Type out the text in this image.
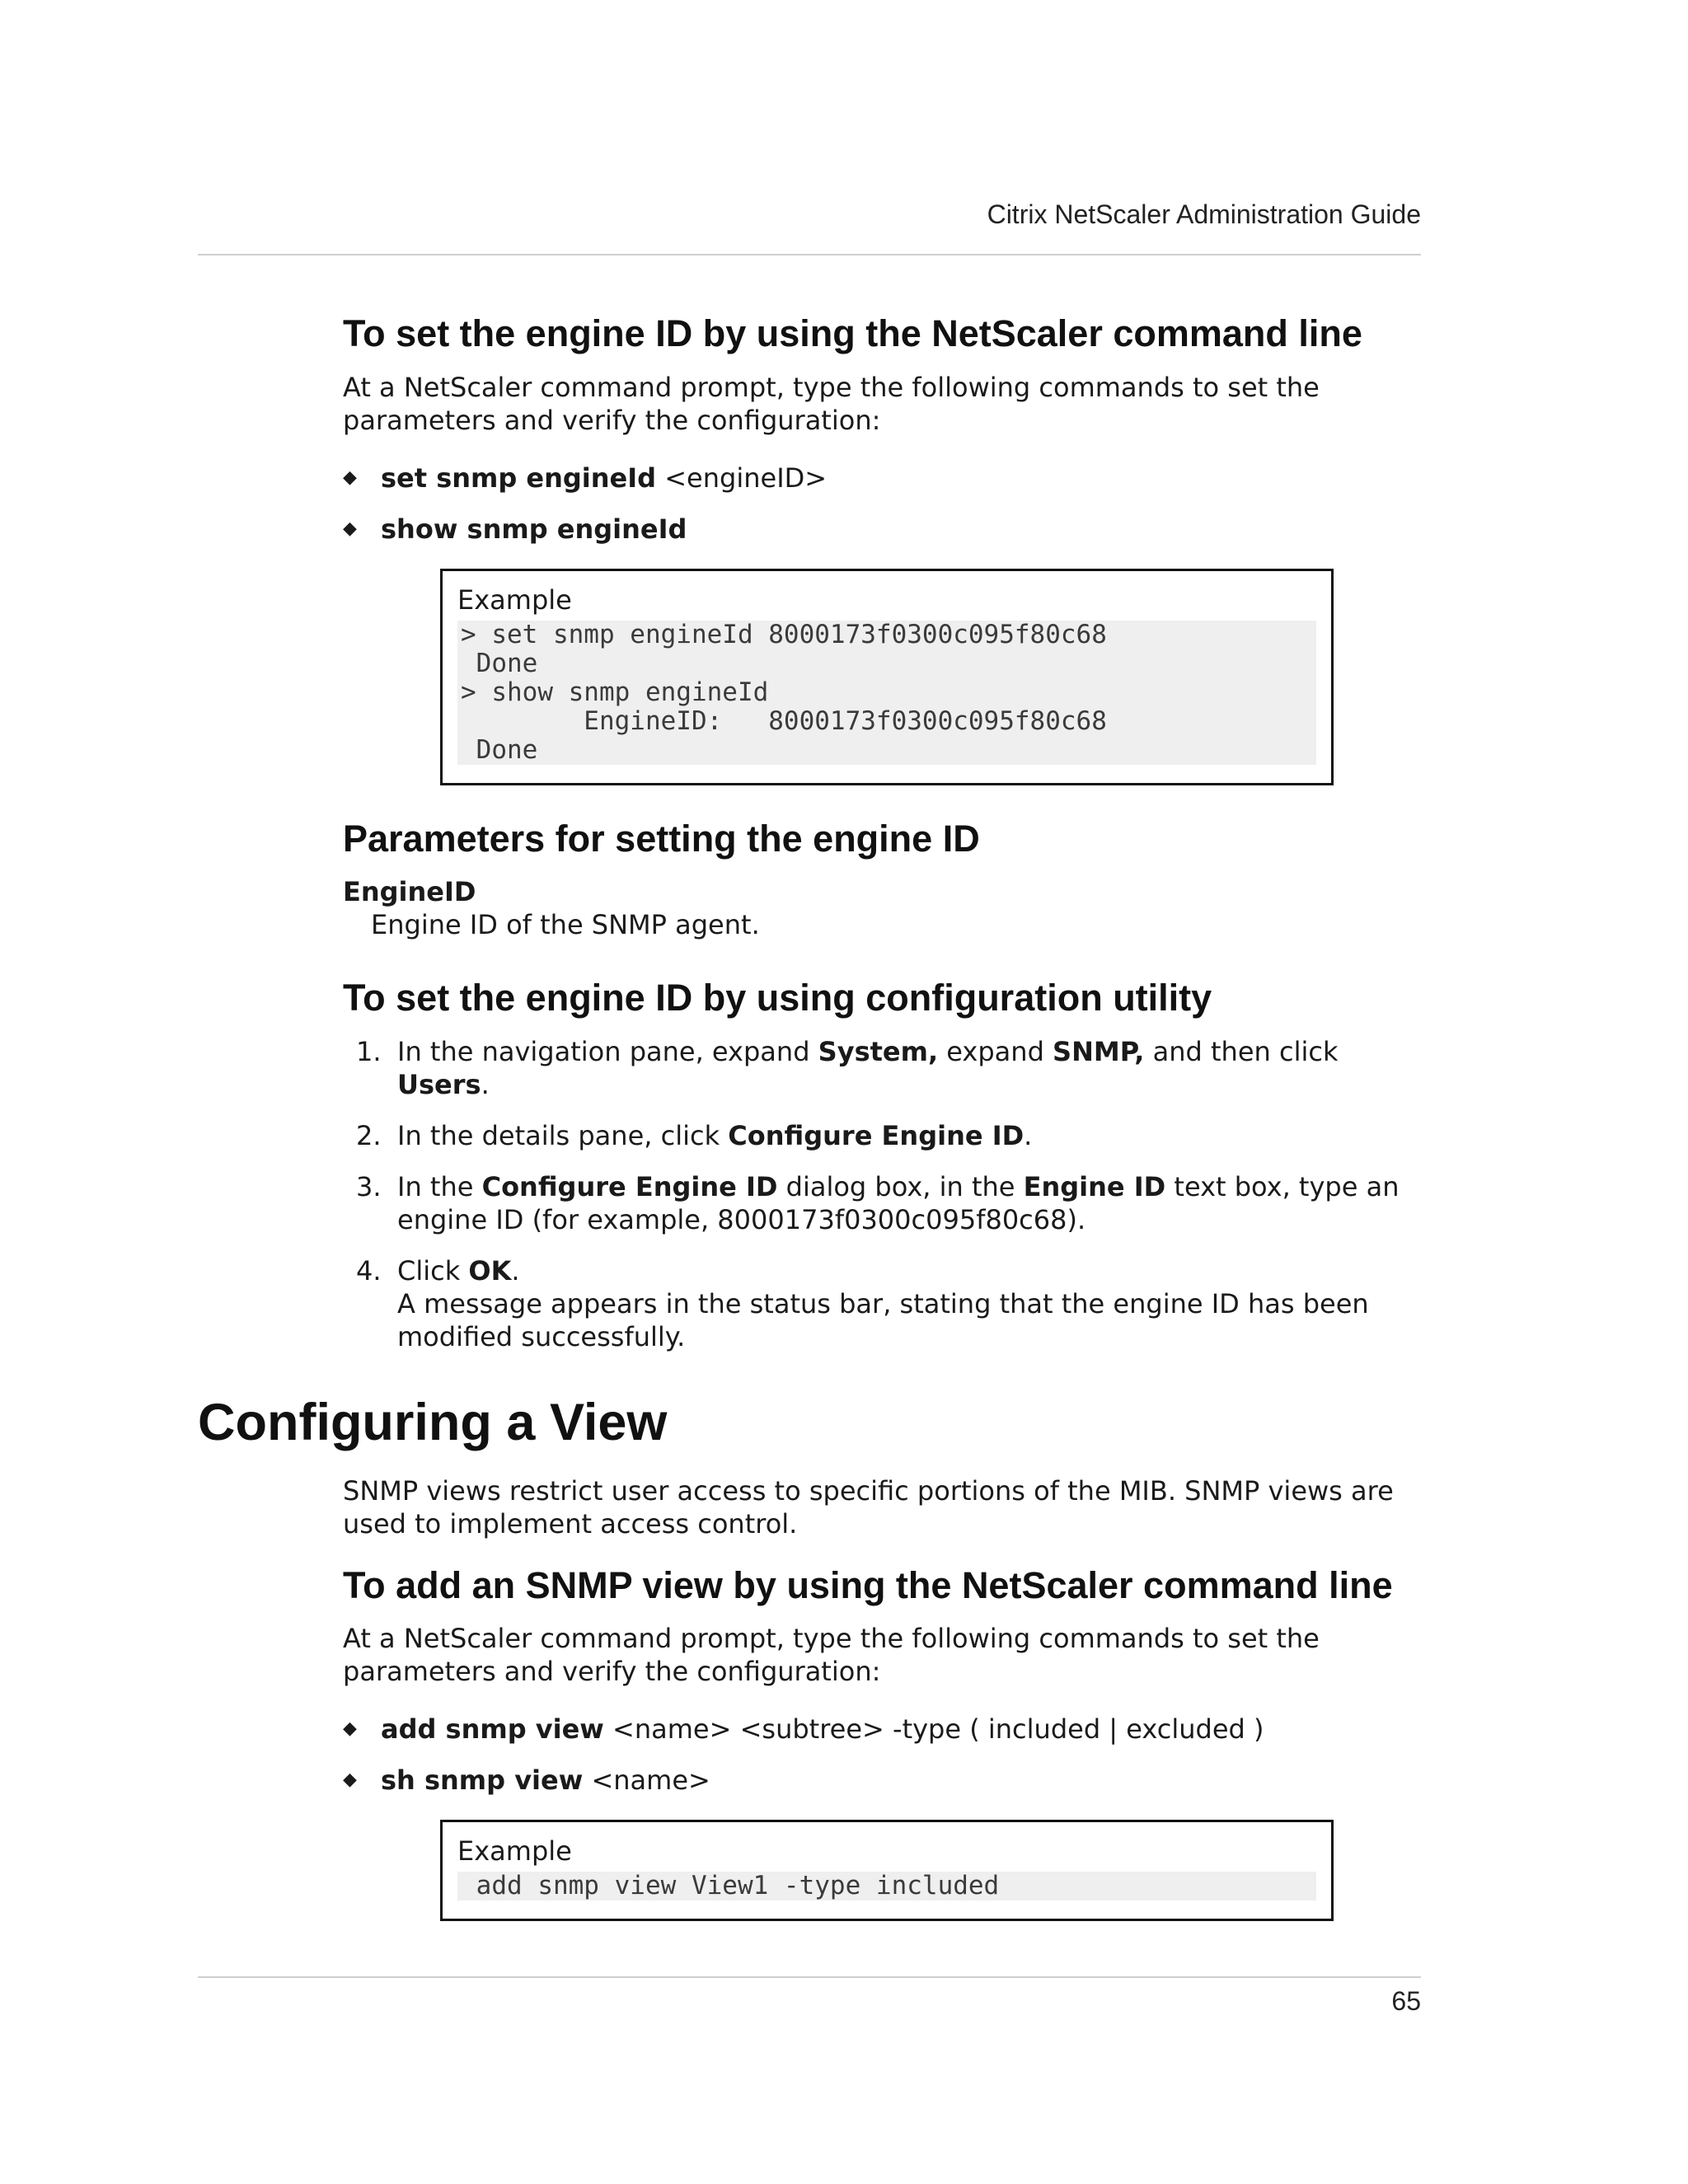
Citrix NetScaler Administration Guide
To set the engine ID by using the NetScaler command line

At a NetScaler command prompt, type the following commands to set the parameters and verify the configuration:

◆ set snmp engineId <engineID>
◆ show snmp engineId
Example
> set snmp engineId 8000173f0300c095f80c68
Done
> show snmp engineId
EngineID:   8000173f0300c095f80c68
Done
Parameters for setting the engine ID
EngineID
Engine ID of the SNMP agent.
To set the engine ID by using configuration utility
1. In the navigation pane, expand System, expand SNMP, and then click Users.
2. In the details pane, click Configure Engine ID.
3. In the Configure Engine ID dialog box, in the Engine ID text box, type an engine ID (for example, 8000173f0300c095f80c68).
4. Click OK.
A message appears in the status bar, stating that the engine ID has been modified successfully.
Configuring a View

SNMP views restrict user access to specific portions of the MIB. SNMP views are used to implement access control.

To add an SNMP view by using the NetScaler command line

At a NetScaler command prompt, type the following commands to set the parameters and verify the configuration:

◆ add snmp view <name> <subtree> -type ( included | excluded )
◆ sh snmp view <name>
Example
add snmp view View1 -type included
65
